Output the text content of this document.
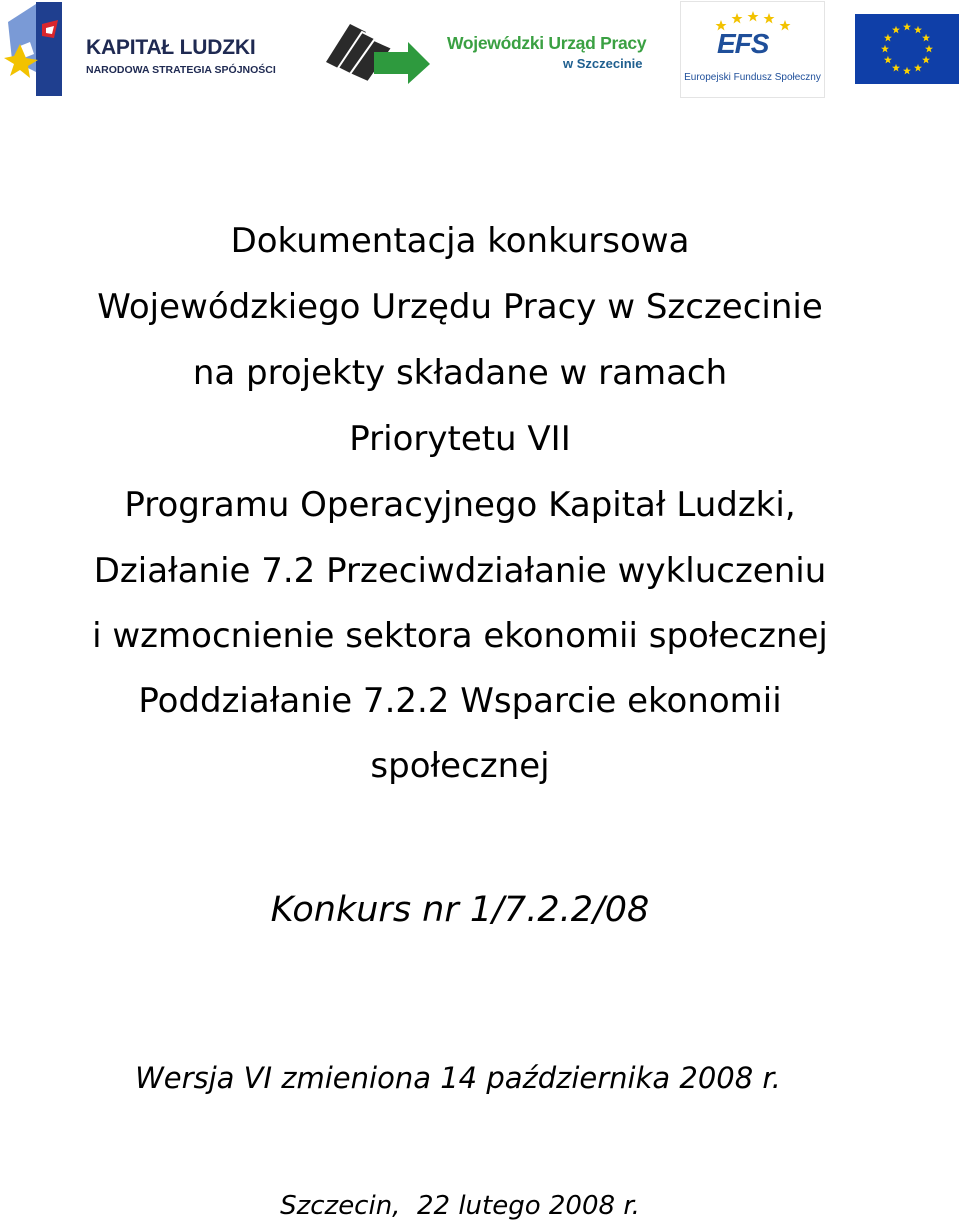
KAPITAŁ LUDZKI
NARODOWA STRATEGIA SPÓJNOŚCI
Wojewódzki Urząd Pracy
w Szczecinie
EFS
Europejski Fundusz Społeczny
Dokumentacja konkursowa
Wojewódzkiego Urzędu Pracy w Szczecinie
na projekty składane w ramach
Priorytetu VII
Programu Operacyjnego Kapitał Ludzki,
Działanie 7.2 Przeciwdziałanie wykluczeniu
i wzmocnienie sektora ekonomii społecznej
Poddziałanie 7.2.2 Wsparcie ekonomii
społecznej
Konkurs nr 1/7.2.2/08
Wersja VI zmieniona 14 października 2008 r.
Szczecin,  22 lutego 2008 r.
